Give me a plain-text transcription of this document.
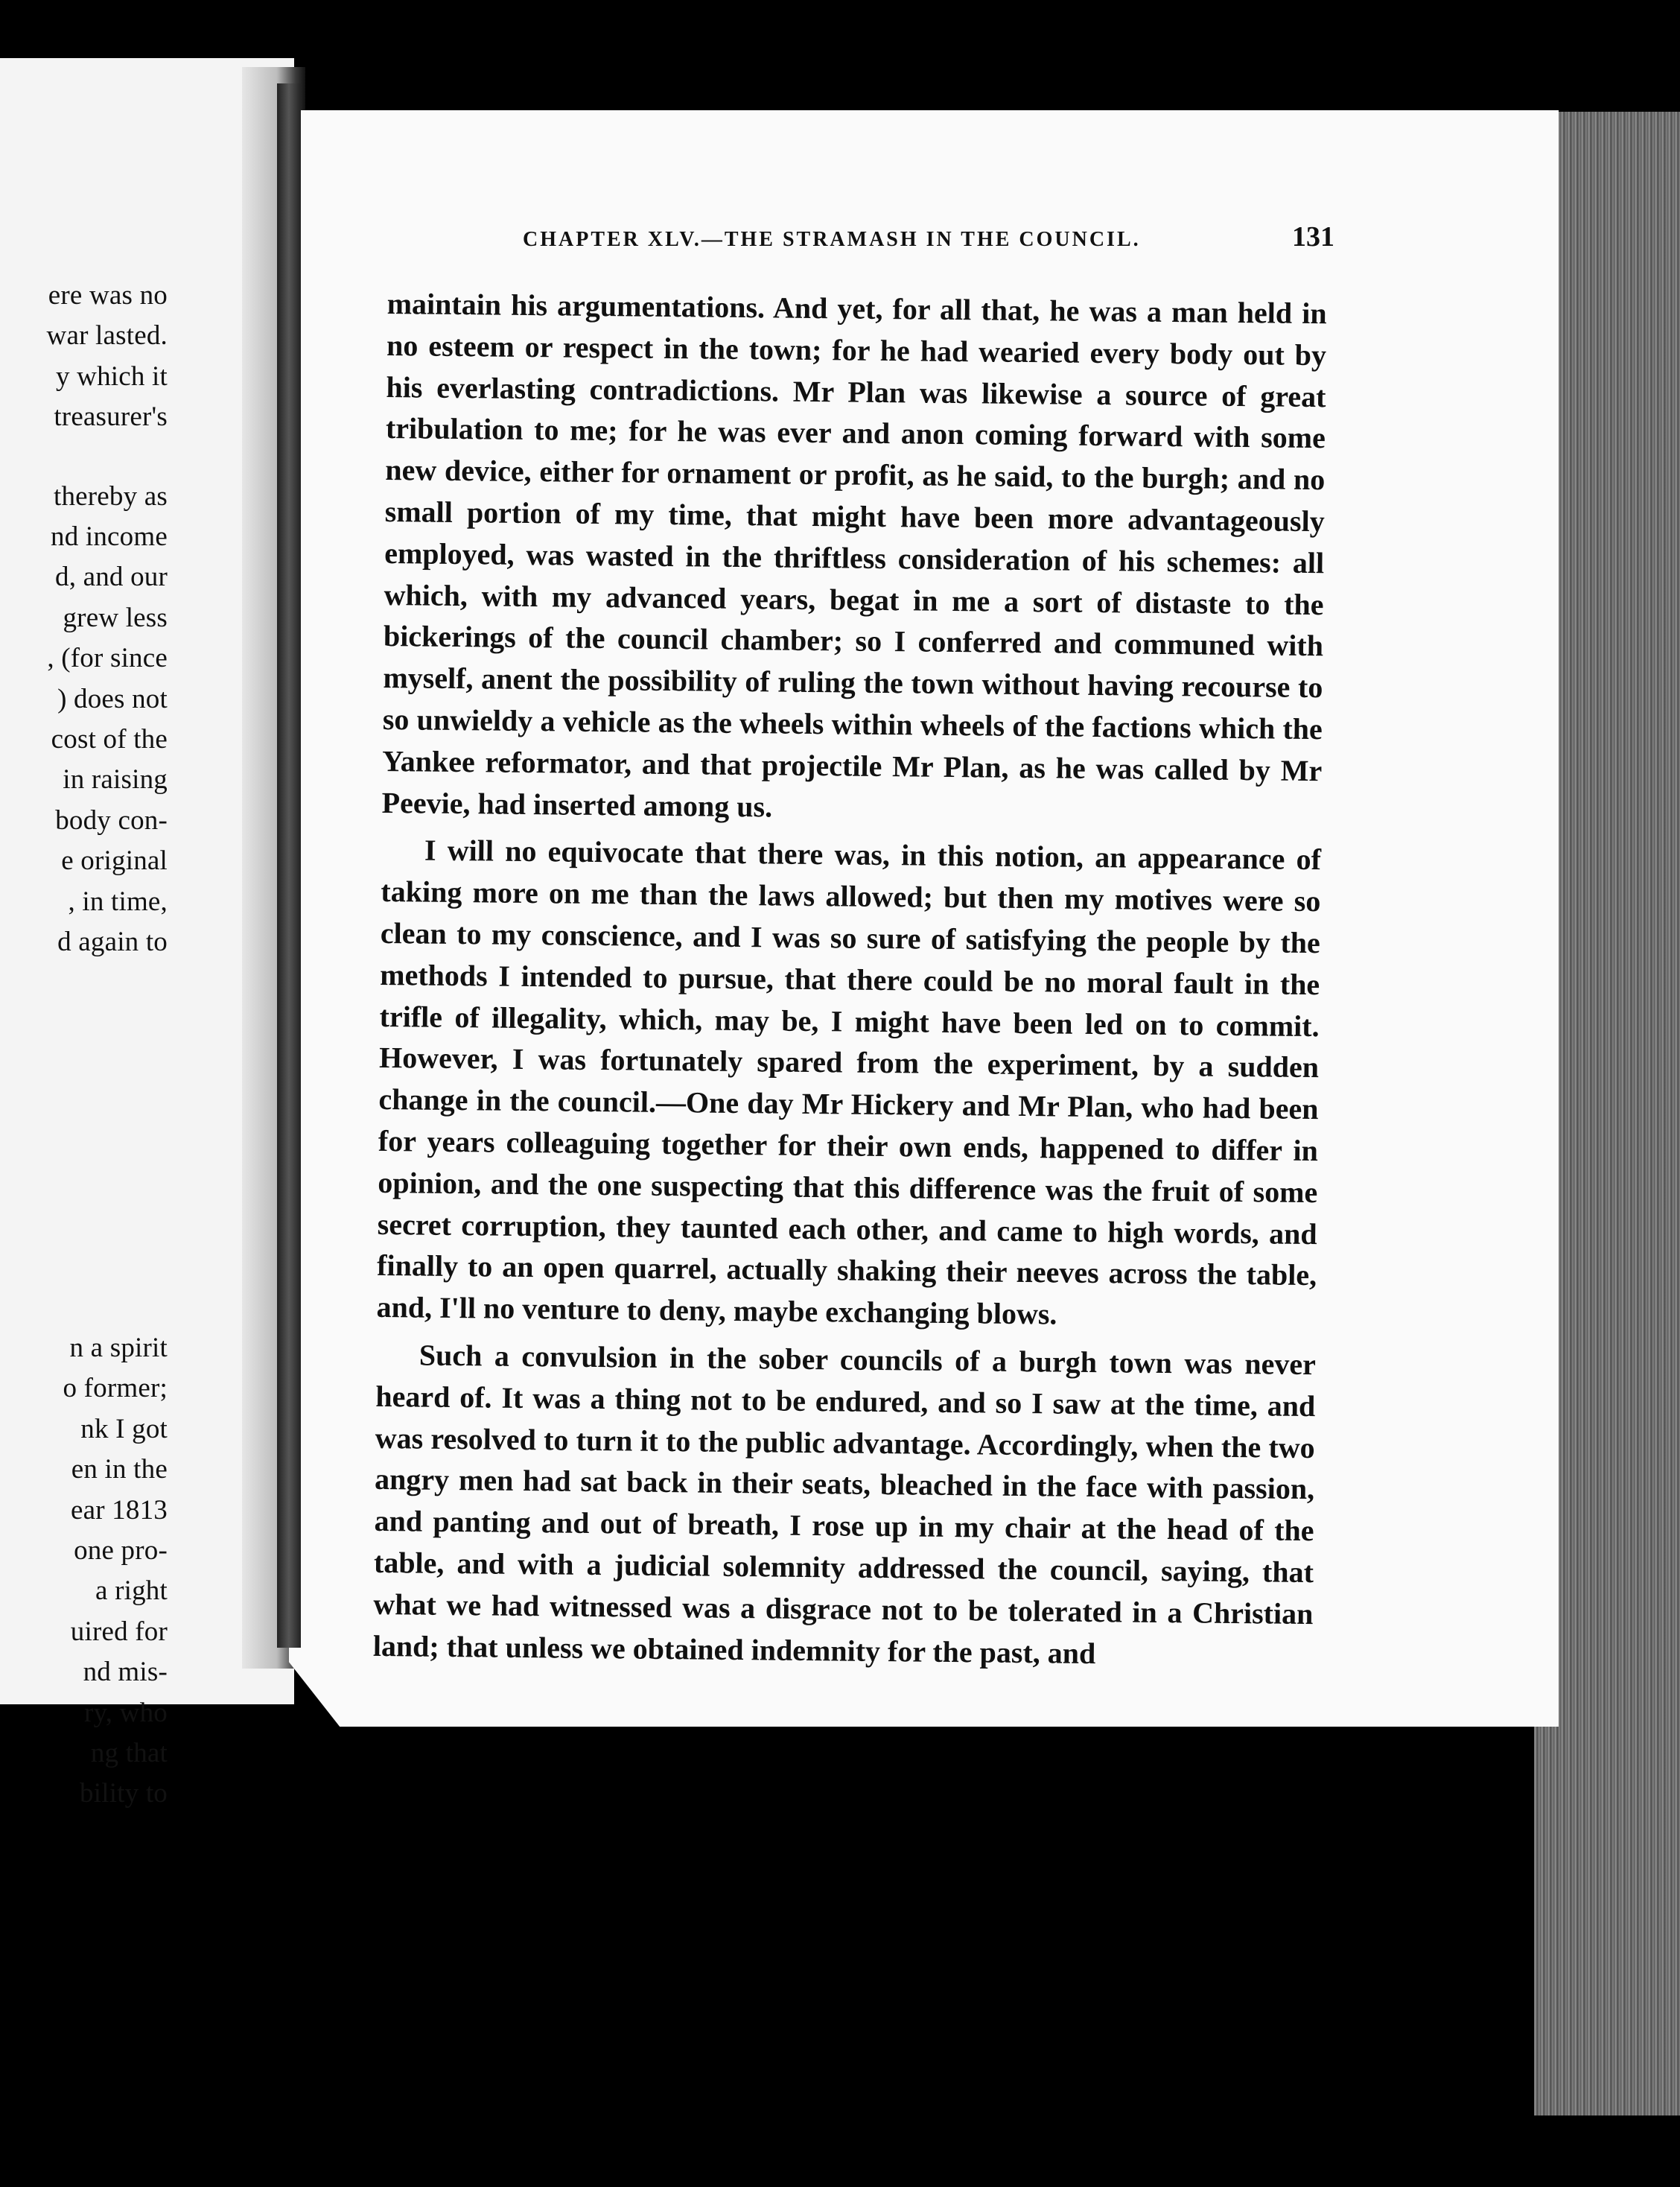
ere was no
war lasted.
y which it
treasurer's
thereby as
nd income
d, and our
grew less
, (for since
) does not
cost of the
in raising
body con-
e original
, in time,
d again to
n a spirit
o former;
nk I got
en in the
ear 1813
one pro-
a right
uired for
nd mis-
ry, who
ng that
bility to
CHAPTER XLV.—THE STRAMASH IN THE COUNCIL.	131

maintain his argumentations. And yet, for all that, he was a man held in no esteem or respect in the town; for he had wearied every body out by his everlasting contradictions. Mr Plan was likewise a source of great tribulation to me; for he was ever and anon coming forward with some new device, either for ornament or profit, as he said, to the burgh; and no small portion of my time, that might have been more advantageously employed, was wasted in the thriftless consideration of his schemes: all which, with my advanced years, begat in me a sort of distaste to the bickerings of the council chamber; so I conferred and communed with myself, anent the possibility of ruling the town without having recourse to so unwieldy a vehicle as the wheels within wheels of the factions which the Yankee reformator, and that projectile Mr Plan, as he was called by Mr Peevie, had inserted among us.

I will no equivocate that there was, in this notion, an appearance of taking more on me than the laws allowed; but then my motives were so clean to my conscience, and I was so sure of satisfying the people by the methods I intended to pursue, that there could be no moral fault in the trifle of illegality, which, may be, I might have been led on to commit. However, I was fortunately spared from the experiment, by a sudden change in the council.—One day Mr Hickery and Mr Plan, who had been for years colleaguing together for their own ends, happened to differ in opinion, and the one suspecting that this difference was the fruit of some secret corruption, they taunted each other, and came to high words, and finally to an open quarrel, actually shaking their neeves across the table, and, I'll no venture to deny, maybe exchanging blows.

Such a convulsion in the sober councils of a burgh town was never heard of. It was a thing not to be endured, and so I saw at the time, and was resolved to turn it to the public advantage. Accordingly, when the two angry men had sat back in their seats, bleached in the face with passion, and panting and out of breath, I rose up in my chair at the head of the table, and with a judicial solemnity addressed the council, saying, that what we had witnessed was a disgrace not to be tolerated in a Christian land; that unless we obtained indemnity for the past, and
